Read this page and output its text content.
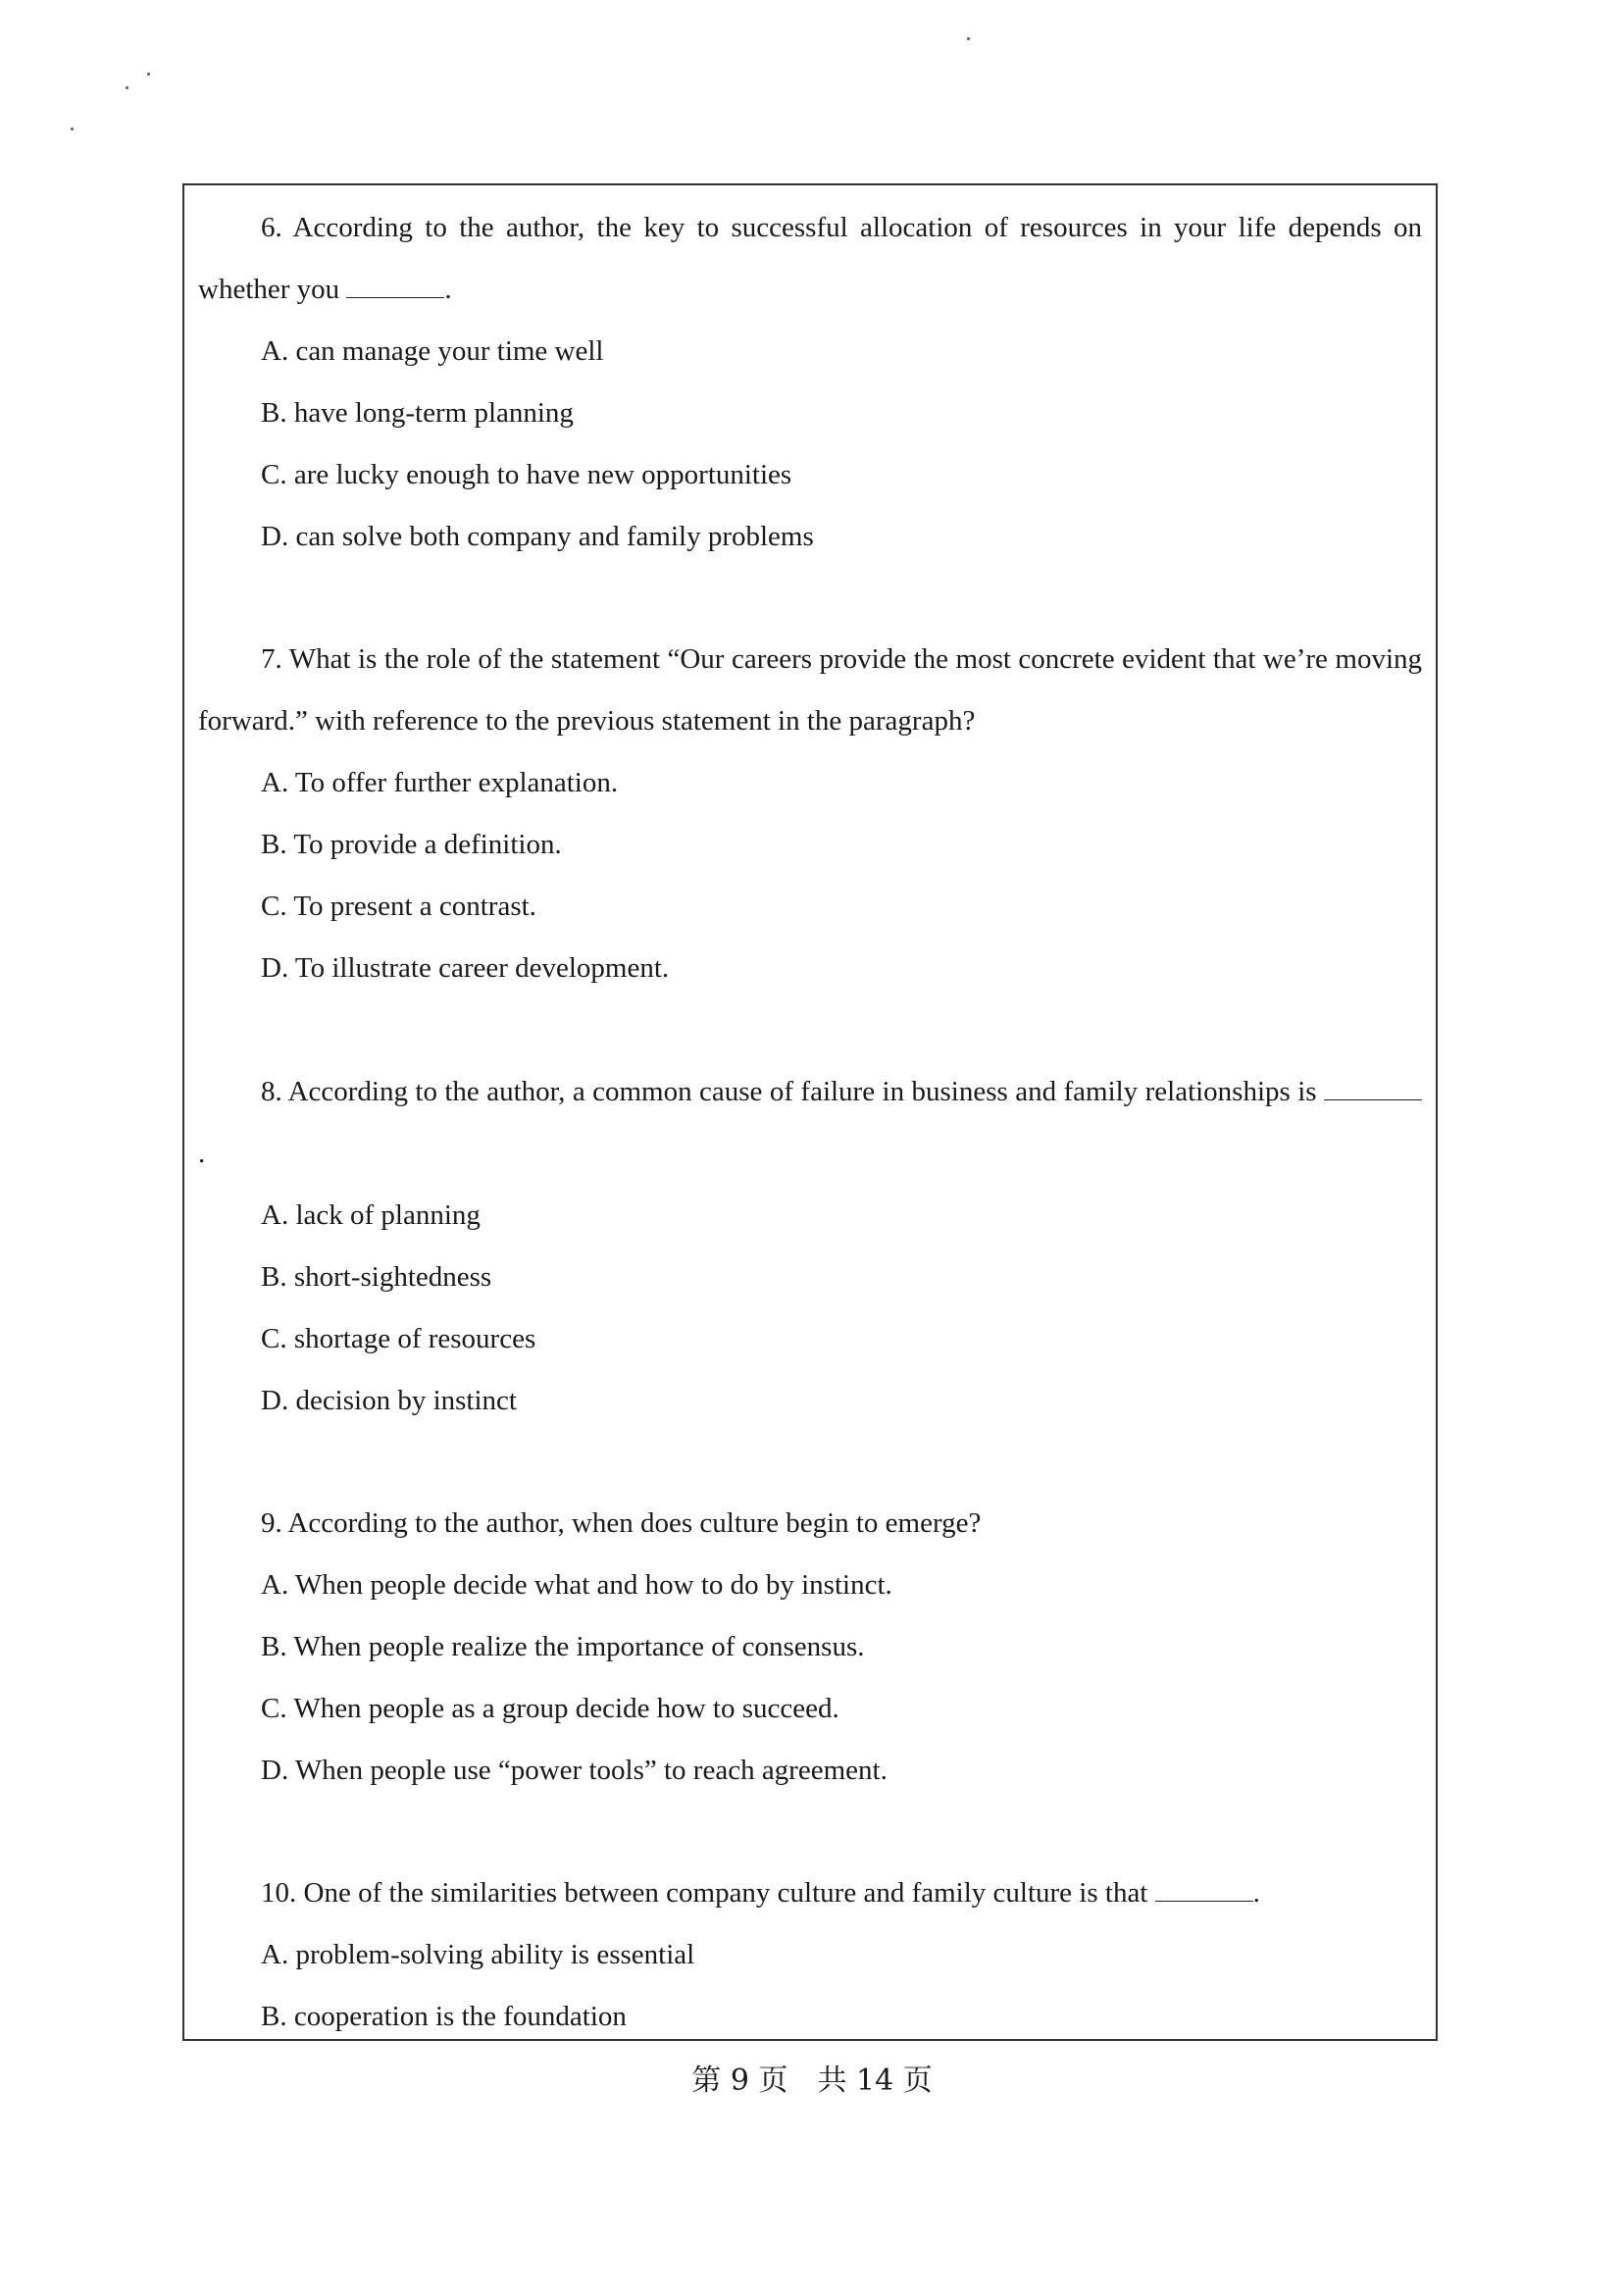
6. According to the author, the key to successful allocation of resources in your life depends on whether you	.
A. can manage your time well
B. have long-term planning
C. are lucky enough to have new opportunities
D. can solve both company and family problems
7. What is the role of the statement “Our careers provide the most concrete evident that we’re moving forward.” with reference to the previous statement in the paragraph?
A. To offer further explanation.
B. To provide a definition.
C. To present a contrast.
D. To illustrate career development.
8. According to the author, a common cause of failure in business and family relationships is .
A. lack of planning
B. short-sightedness
C. shortage of resources
D. decision by instinct
9. According to the author, when does culture begin to emerge?
A. When people decide what and how to do by instinct.
B. When people realize the importance of consensus.
C. When people as a group decide how to succeed.
D. When people use “power tools” to reach agreement.
10. One of the similarities between company culture and family culture is that	.
A. problem-solving ability is essential
B. cooperation is the foundation
第 9 页　共 14 页
